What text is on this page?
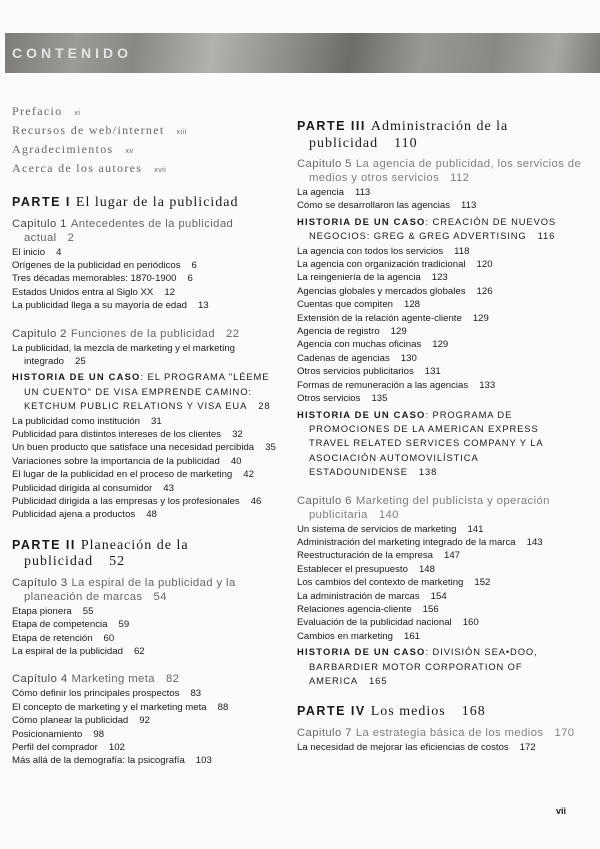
CONTENIDO
Prefacio xi
Recursos de web/internet xiii
Agradecimientos xv
Acerca de los autores xvii
PARTE I El lugar de la publicidad
Capitulo 1 Antecedentes de la publicidad actual 2
El inicio 4
Orígenes de la publicidad en periódicos 6
Tres décadas memorables: 1870-1900 6
Estados Unidos entra al Siglo XX 12
La publicidad llega a su mayoría de edad 13
Capitulo 2 Funciones de la publicidad 22
La publicidad, la mezcla de marketing y el marketing integrado 25
HISTORIA DE UN CASO: EL PROGRAMA "LÉEME UN CUENTO" DE VISA EMPRENDE CAMINO: KETCHUM PUBLIC RELATIONS Y VISA EUA 28
La publicidad como institución 31
Publicidad para distintos intereses de los clientes 32
Un buen producto que satisface una necesidad percibida 35
Variaciones sobre la importancia de la publicidad 40
El lugar de la publicidad en el proceso de marketing 42
Publicidad dirigida al consumidor 43
Publicidad dirigida a las empresas y los profesionales 46
Publicidad ajena a productos 48
PARTE II Planeación de la publicidad 52
Capítulo 3 La espiral de la publicidad y la planeación de marcas 54
Etapa pionera 55
Etapa de competencia 59
Etapa de retención 60
La espiral de la publicidad 62
Capítulo 4 Marketing meta 82
Cómo definir los principales prospectos 83
El concepto de marketing y el marketing meta 88
Cómo planear la publicidad 92
Posicionamiento 98
Perfil del comprador 102
Más allá de la demografía: la psicografía 103
PARTE III Administración de la publicidad 110
Capitulo 5 La agencia de publicidad, los servicios de medios y otros servicios 112
La agencia 113
Cómo se desarrollaron las agencias 113
HISTORIA DE UN CASO: CREACIÓN DE NUEVOS NEGOCIOS: GREG & GREG ADVERTISING 116
La agencia con todos los servicios 118
La agencia con organización tradicional 120
La reingeniería de la agencia 123
Agencias globales y mercados globales 126
Cuentas que compiten 128
Extensión de la relación agente-cliente 129
Agencia de registro 129
Agencia con muchas oficinas 129
Cadenas de agencias 130
Otros servicios publicitarios 131
Formas de remuneración a las agencias 133
Otros servicios 135
HISTORIA DE UN CASO: PROGRAMA DE PROMOCIONES DE LA AMERICAN EXPRESS TRAVEL RELATED SERVICES COMPANY Y LA ASOCIACIÓN AUTOMOVILÍSTICA ESTADOUNIDENSE 138
Capitulo 6 Marketing del publicista y operación publicitaria 140
Un sistema de servicios de marketing 141
Administración del marketing integrado de la marca 143
Reestructuración de la empresa 147
Establecer el presupuesto 148
Los cambios del contexto de marketing 152
La administración de marcas 154
Relaciones agencia-cliente 156
Evaluación de la publicidad nacional 160
Cambios en marketing 161
HISTORIA DE UN CASO: DIVISIÓN SEA•DOO, BARBARDIER MOTOR CORPORATION OF AMERICA 165
PARTE IV Los medios 168
Capitulo 7 La estrategia básica de los medios 170
La necesidad de mejorar las eficiencias de costos 172
vii
